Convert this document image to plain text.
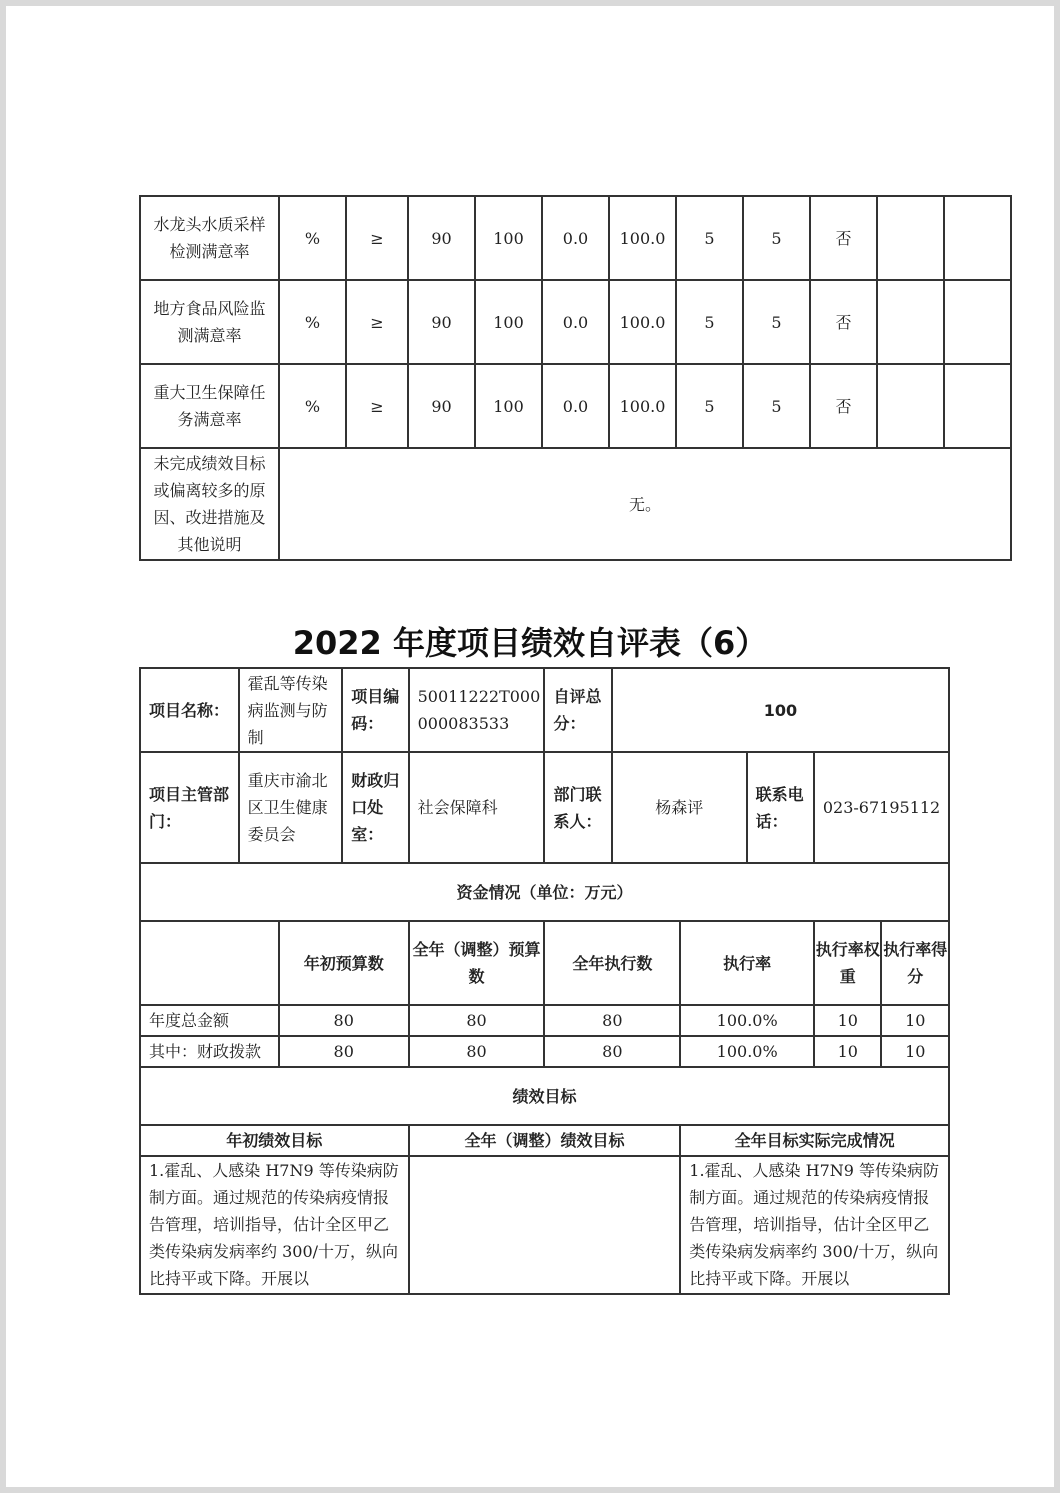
水龙头水质采样检测满意率	%	≥	90	100	0.0	100.0	5	5	否		
地方食品风险监测满意率	%	≥	90	100	0.0	100.0	5	5	否		
重大卫生保障任务满意率	%	≥	90	100	0.0	100.0	5	5	否		
未完成绩效目标或偏离较多的原因、改进措施及其他说明	无。										
2022 年度项目绩效自评表（6）
项目名称：	霍乱等传染病监测与防制		项目编码：	50011222T000000083533	自评总分：	100				
项目主管部门：	重庆市渝北区卫生健康委员会		财政归口处室：	社会保障科	部门联系人：	杨森评		联系电话：	023-67195112	
资金情况（单位：万元）										
		年初预算数		全年（调整）预算数	全年执行数		执行率		执行率权重	执行率得分
年度总金额		80		80	80		100.0%		10	10
其中：财政拨款		80		80	80		100.0%		10	10
绩效目标										
年初绩效目标				全年（调整）绩效目标			全年目标实际完成情况			
1.霍乱、人感染 H7N9 等传染病防制方面。通过规范的传染病疫情报告管理，培训指导，估计全区甲乙类传染病发病率约 300/十万，纵向比持平或下降。开展以							1.霍乱、人感染 H7N9 等传染病防制方面。通过规范的传染病疫情报告管理，培训指导，估计全区甲乙类传染病发病率约 300/十万，纵向比持平或下降。开展以			
